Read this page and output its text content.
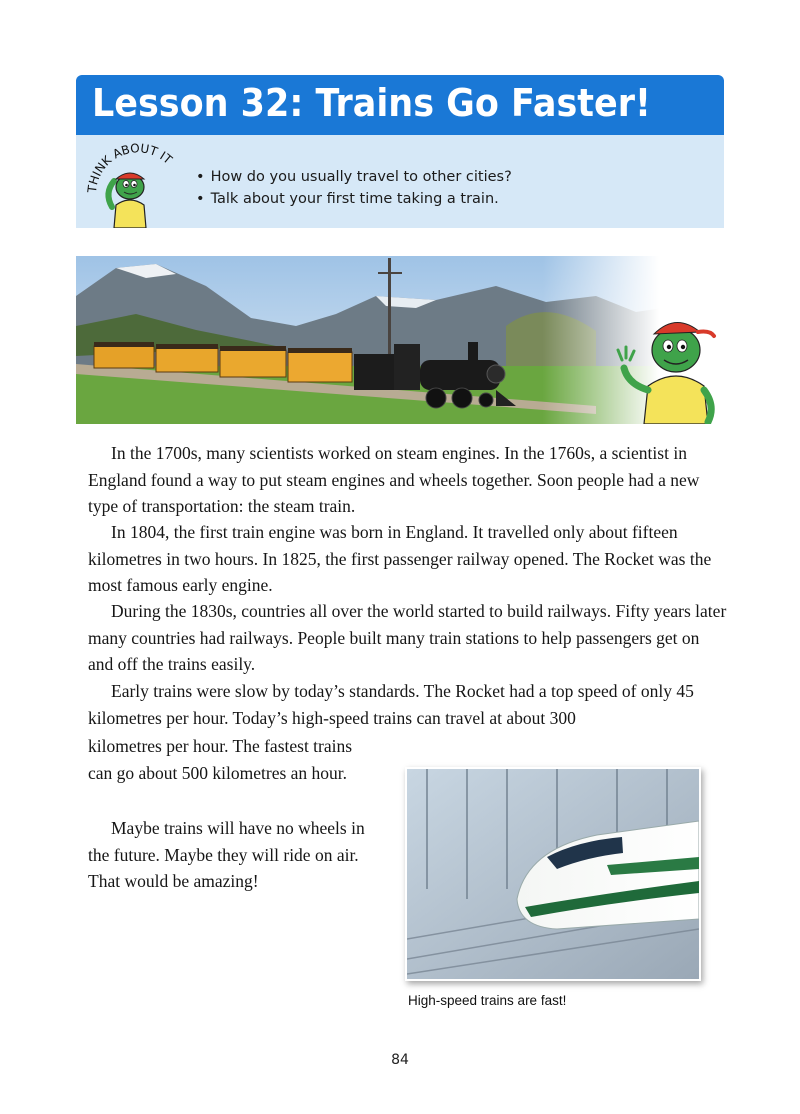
Lesson 32: Trains Go Faster!
THINK ABOUT IT
• How do you usually travel to other cities?
• Talk about your first time taking a train.

In the 1700s, many scientists worked on steam engines. In the 1760s, a scientist in England found a way to put steam engines and wheels together. Soon people had a new type of transportation: the steam train.

In 1804, the first train engine was born in England. It travelled only about fifteen kilometres in two hours. In 1825, the first passenger railway opened. The Rocket was the most famous early engine.

During the 1830s, countries all over the world started to build railways. Fifty years later many countries had railways. People built many train stations to help passengers get on and off the trains easily.

Early trains were slow by today’s standards. The Rocket had a top speed of only 45 kilometres per hour. Today’s high-speed trains can travel at about 300

kilometres per hour. The fastest trains can go about 500 kilometres an hour.

Maybe trains will have no wheels in the future. Maybe they will ride on air. That would be amazing!

High-speed trains are fast!

84
